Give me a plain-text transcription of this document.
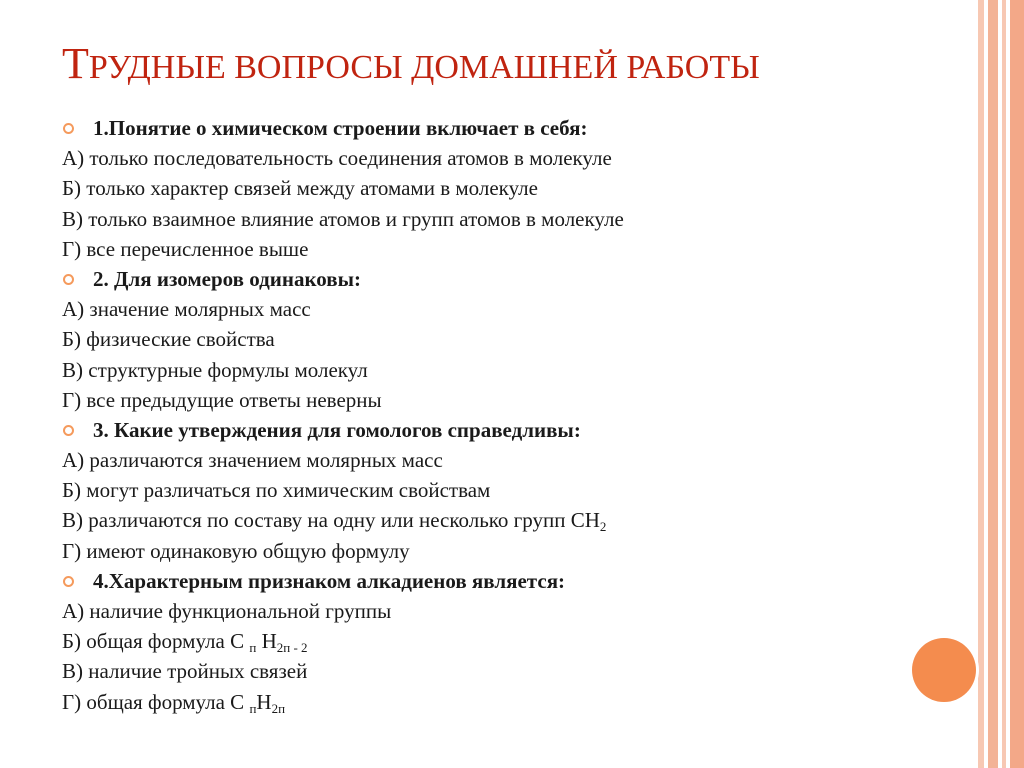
ТРУДНЫЕ ВОПРОСЫ ДОМАШНЕЙ РАБОТЫ
1.Понятие о химическом строении включает в себя:
А) только последовательность соединения атомов в молекуле
Б) только характер связей между атомами в молекуле
В) только взаимное влияние атомов и групп атомов в молекуле
Г) все перечисленное выше
2. Для изомеров одинаковы:
А) значение молярных масс
Б) физические свойства
В) структурные формулы молекул
Г) все предыдущие ответы неверны
3. Какие утверждения для гомологов справедливы:
А) различаются значением молярных масс
Б) могут различаться по химическим свойствам
В) различаются по составу на одну или несколько групп $СН_2$
Г) имеют одинаковую общую формулу
4.Характерным признаком алкадиенов является:
А) наличие функциональной группы
Б) общая формула С $_п$ $Н_{2п - 2}$
В) наличие тройных связей
Г) общая формула С $_пН_{2п}$
